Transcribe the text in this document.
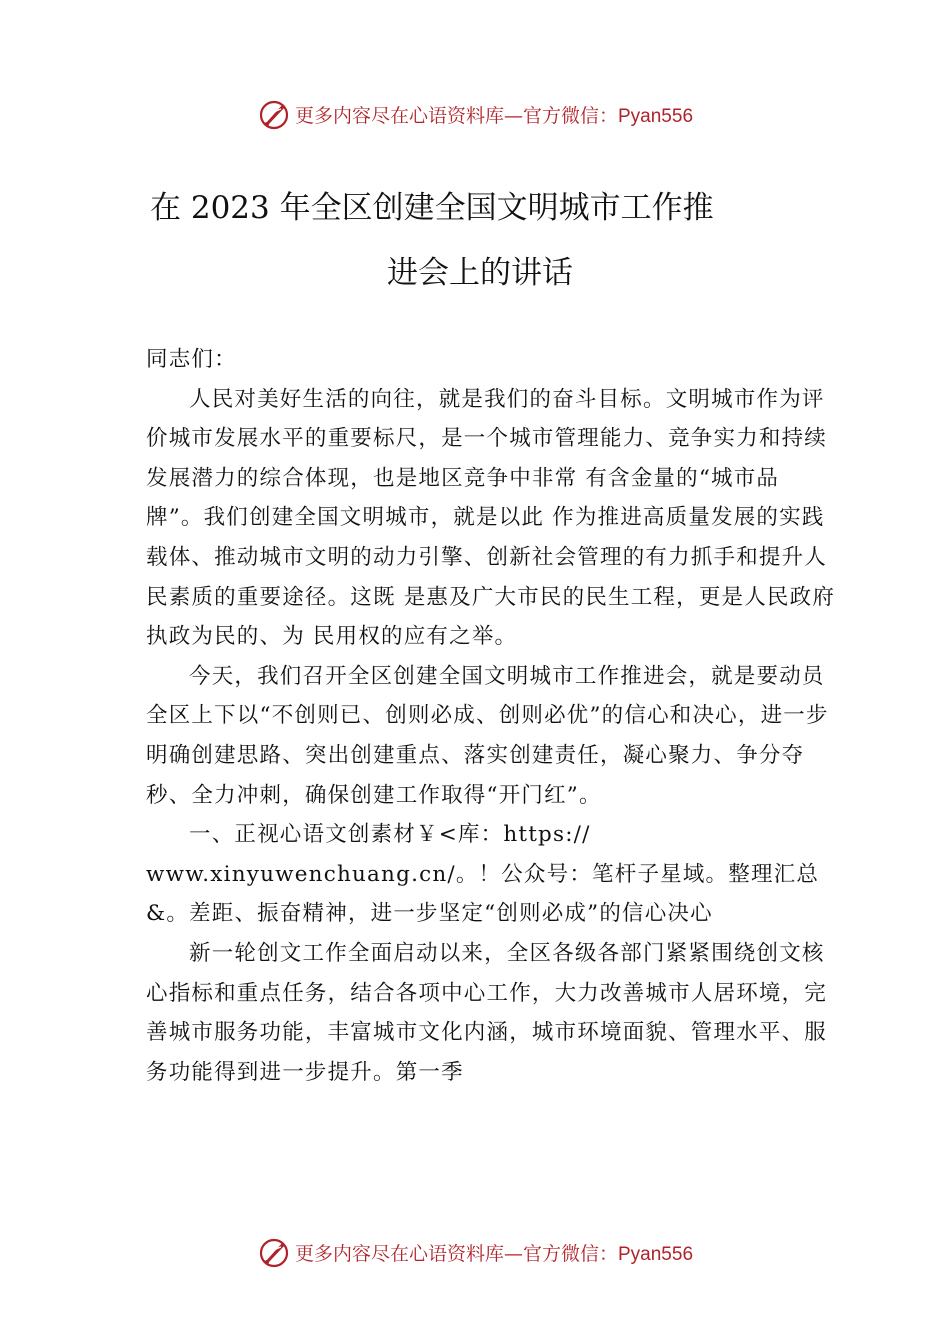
更多内容尽在心语资料库—官方微信：Pyan556
在 2023 年全区创建全国文明城市工作推
进会上的讲话

同志们：

人民对美好生活的向往，就是我们的奋斗目标。文明城市作为评价城市发展水平的重要标尺，是一个城市管理能力、竞争实力和持续发展潜力的综合体现，也是地区竞争中非常 有含金量的“城市品牌”。我们创建全国文明城市，就是以此 作为推进高质量发展的实践载体、推动城市文明的动力引擎、创新社会管理的有力抓手和提升人民素质的重要途径。这既 是惠及广大市民的民生工程，更是人民政府执政为民的、为 民用权的应有之举。

今天，我们召开全区创建全国文明城市工作推进会，就是要动员全区上下以“不创则已、创则必成、创则必优”的信心和决心，进一步明确创建思路、突出创建重点、落实创建责任，凝心聚力、争分夺秒、全力冲刺，确保创建工作取得“开门红”。

一、正视心语文创素材￥<库：https://

www.xinyuwenchuang.cn/。！公众号：笔杆子星域。整理汇总&。差距、振奋精神，进一步坚定“创则必成”的信心决心

新一轮创文工作全面启动以来，全区各级各部门紧紧围绕创文核心指标和重点任务，结合各项中心工作，大力改善城市人居环境，完善城市服务功能，丰富城市文化内涵，城市环境面貌、管理水平、服务功能得到进一步提升。第一季

更多内容尽在心语资料库—官方微信：Pyan556
